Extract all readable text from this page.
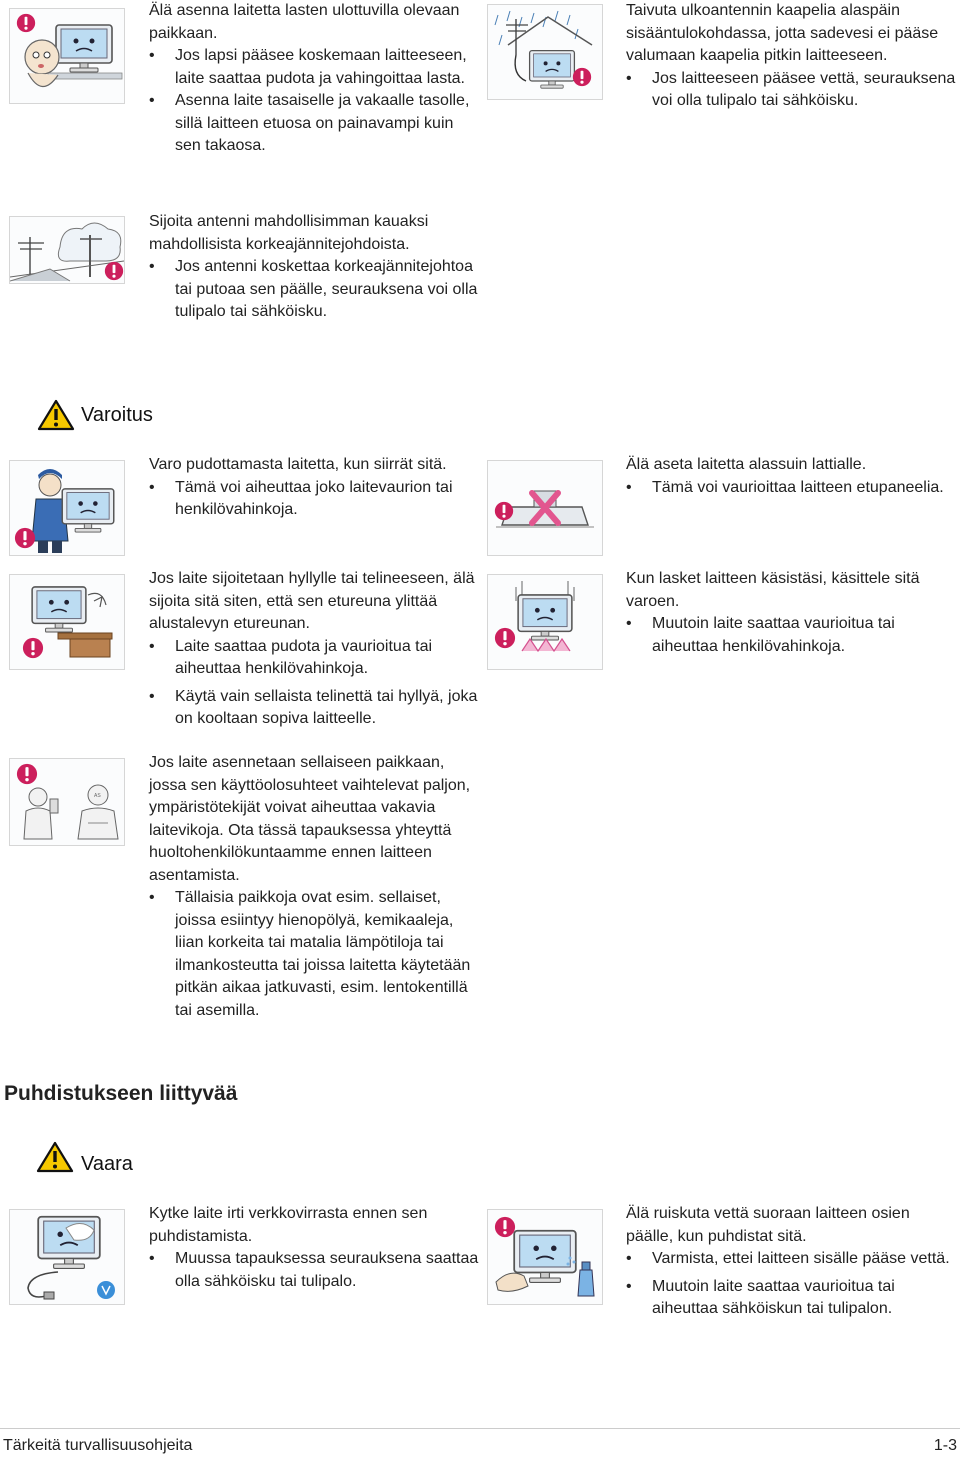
Älä asenna laitetta lasten ulottuvilla olevaan paikkaan.

• Jos lapsi pääsee koskemaan laitteeseen, laite saattaa pudota ja vahingoittaa lasta.

• Asenna laite tasaiselle ja vakaalle tasolle, sillä laitteen etuosa on painavampi kuin sen takaosa.

Taivuta ulkoantennin kaapelia alaspäin sisääntulokohdassa, jotta sadevesi ei pääse valumaan kaapelia pitkin laitteeseen.

• Jos laitteeseen pääsee vettä, seurauksena voi olla tulipalo tai sähköisku.

Sijoita antenni mahdollisimman kauaksi mahdollisista korkeajännitejohdoista.

• Jos antenni koskettaa korkeajännitejohtoa tai putoaa sen päälle, seurauksena voi olla tulipalo tai sähköisku.

Varoitus

Varo pudottamasta laitetta, kun siirrät sitä.

• Tämä voi aiheuttaa joko laitevaurion tai henkilövahinkoja.

Älä aseta laitetta alassuin lattialle.

• Tämä voi vaurioittaa laitteen etupaneelia.

Jos laite sijoitetaan hyllylle tai telineeseen, älä sijoita sitä siten, että sen etureuna ylittää alustalevyn etureunan.

• Laite saattaa pudota ja vaurioitua tai aiheuttaa henkilövahinkoja.

• Käytä vain sellaista telinettä tai hyllyä, joka on kooltaan sopiva laitteelle.

Kun lasket laitteen käsistäsi, käsittele sitä varoen.

• Muutoin laite saattaa vaurioitua tai aiheuttaa henkilövahinkoja.

AS

Jos laite asennetaan sellaiseen paikkaan, jossa sen käyttöolosuhteet vaihtelevat paljon, ympäristötekijät voivat aiheuttaa vakavia laitevikoja. Ota tässä tapauksessa yhteyttä huoltohenkilökuntaamme ennen laitteen asentamista.

• Tällaisia paikkoja ovat esim. sellaiset, joissa esiintyy hienopölyä, kemikaaleja, liian korkeita tai matalia lämpötiloja tai ilmankosteutta tai joissa laitetta käytetään pitkän aikaa jatkuvasti, esim. lentokentillä tai asemilla.

Puhdistukseen liittyvää
Vaara

Kytke laite irti verkkovirrasta ennen sen puhdistamista.

• Muussa tapauksessa seurauksena saattaa olla sähköisku tai tulipalo.

Älä ruiskuta vettä suoraan laitteen osien päälle, kun puhdistat sitä.

• Varmista, ettei laitteen sisälle pääse vettä.

• Muutoin laite saattaa vaurioitua tai aiheuttaa sähköiskun tai tulipalon.

Tärkeitä turvallisuusohjeita	1-3
